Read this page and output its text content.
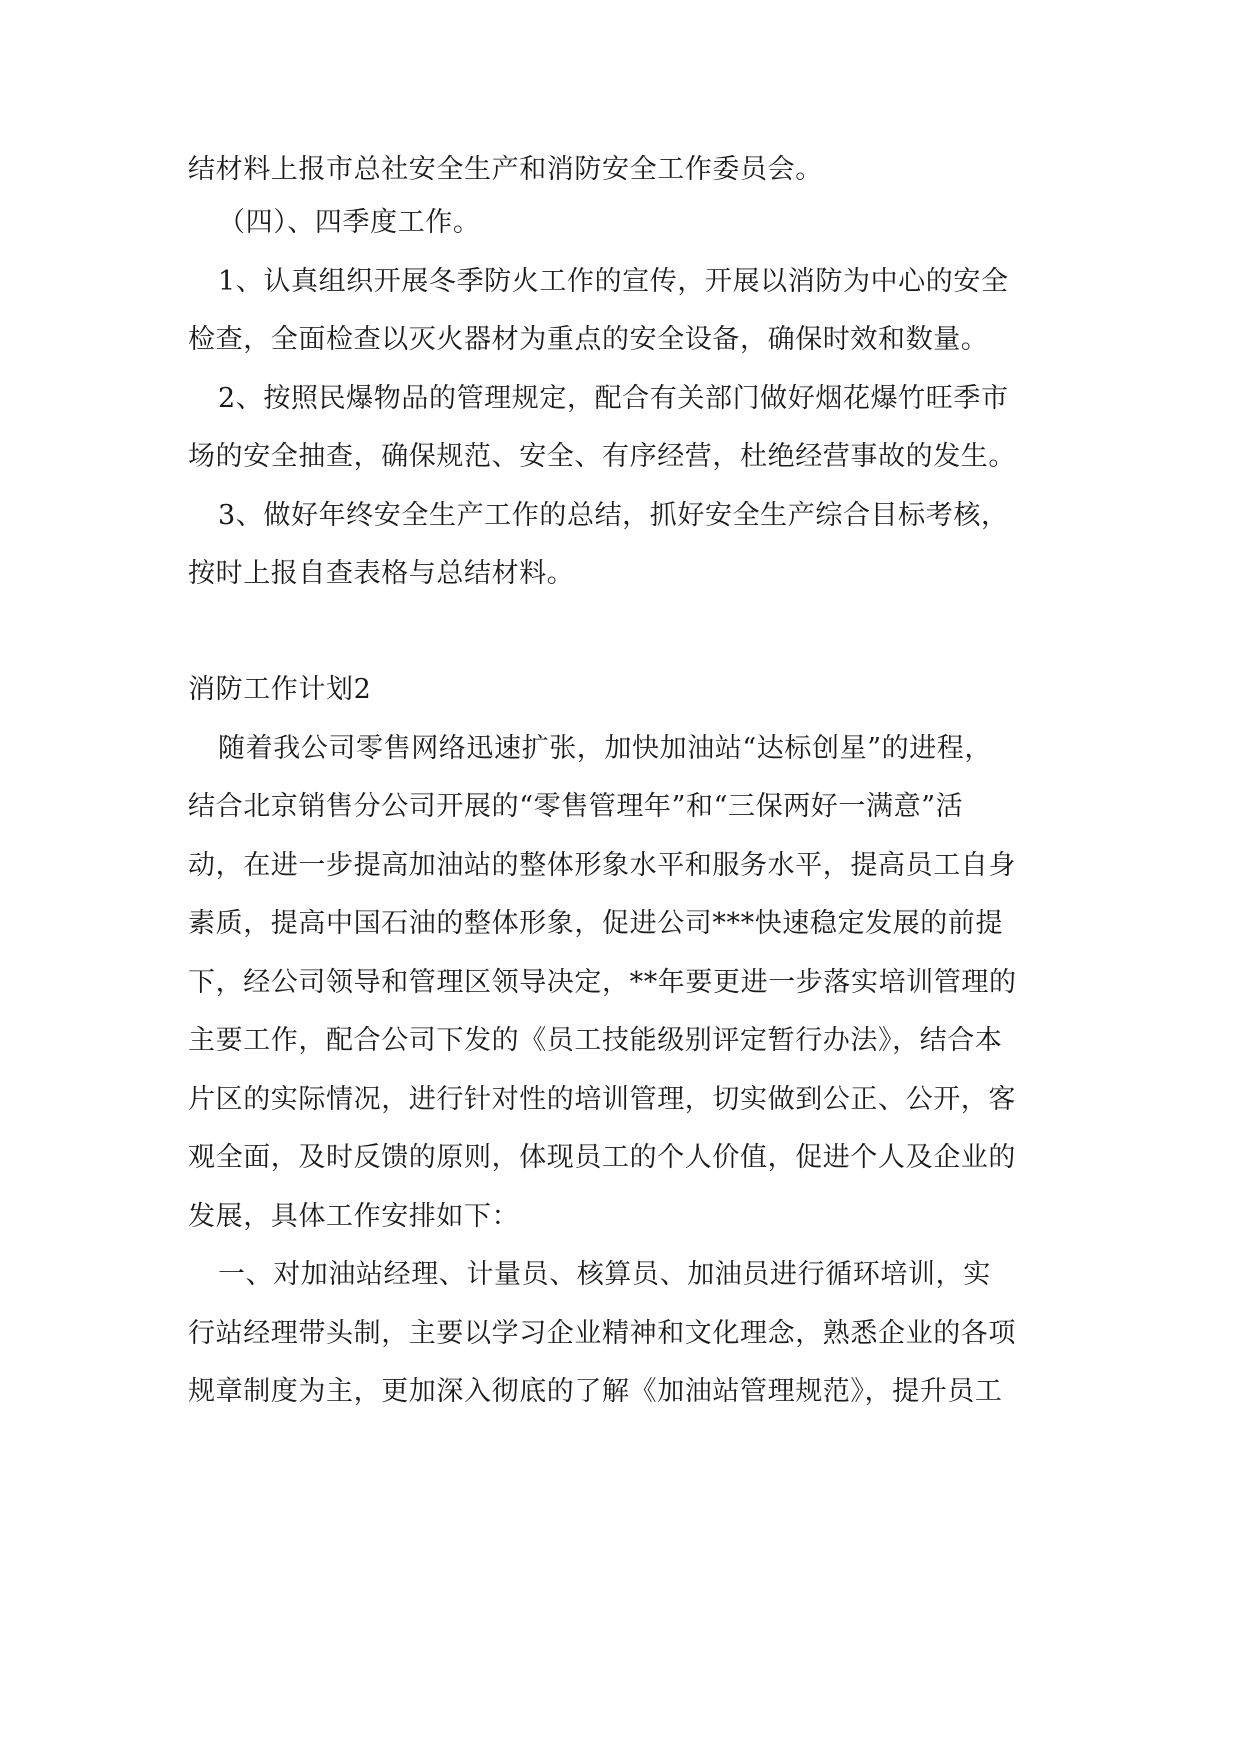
结材料上报市总社安全生产和消防安全工作委员会。
（四）、四季度工作。
1、认真组织开展冬季防火工作的宣传，开展以消防为中心的安全
检查，全面检查以灭火器材为重点的安全设备，确保时效和数量。
2、按照民爆物品的管理规定，配合有关部门做好烟花爆竹旺季市
场的安全抽查，确保规范、安全、有序经营，杜绝经营事故的发生。
3、做好年终安全生产工作的总结，抓好安全生产综合目标考核，
按时上报自查表格与总结材料。
消防工作计划2
随着我公司零售网络迅速扩张，加快加油站“达标创星”的进程，
结合北京销售分公司开展的“零售管理年”和“三保两好一满意”活
动，在进一步提高加油站的整体形象水平和服务水平，提高员工自身
素质，提高中国石油的整体形象，促进公司***快速稳定发展的前提
下，经公司领导和管理区领导决定，**年要更进一步落实培训管理的
主要工作，配合公司下发的《员工技能级别评定暂行办法》，结合本
片区的实际情况，进行针对性的培训管理，切实做到公正、公开，客
观全面，及时反馈的原则，体现员工的个人价值，促进个人及企业的
发展，具体工作安排如下：
一、对加油站经理、计量员、核算员、加油员进行循环培训，实
行站经理带头制，主要以学习企业精神和文化理念，熟悉企业的各项
规章制度为主，更加深入彻底的了解《加油站管理规范》，提升员工
